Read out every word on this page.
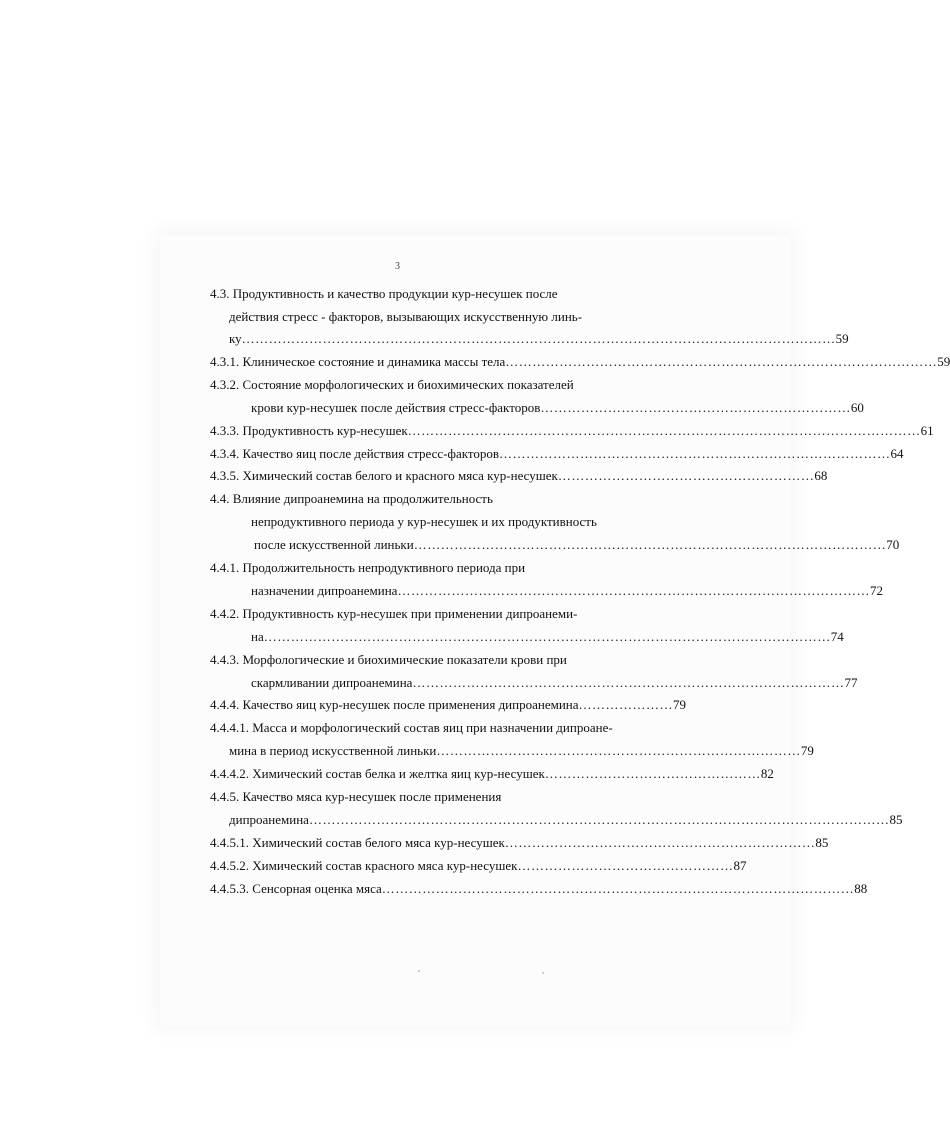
3
4.3. Продуктивность и качество продукции кур-несушек после
действия стресс - факторов, вызывающих искусственную линь-
ку …………………………………………………………………………………………………………………… 59
4.3.1. Клиническое состояние и динамика массы тела …………………………………………………………………………………… 59
4.3.2. Состояние морфологических и биохимических показателей
крови кур-несушек после действия стресс-факторов …………………………………………………………… 60
4.3.3. Продуктивность кур-несушек …………………………………………………………………………………………………… 61
4.3.4. Качество яиц после действия стресс-факторов …………………………………………………………………………… 64
4.3.5. Химический состав белого и красного мяса кур-несушек ………………………………………………… 68
4.4. Влияние дипроанемина на продолжительность
непродуктивного периода у кур-несушек и их продуктивность
после искусственной линьки …………………………………………………………………………………………… 70
4.4.1. Продолжительность непродуктивного периода при
назначении дипроанемина …………………………………………………………………………………………… 72
4.4.2. Продуктивность кур-несушек при применении дипроанеми-
на ……………………………………………………………………………………………………………… 74
4.4.3. Морфологические и биохимические показатели крови при
скармливании дипроанемина …………………………………………………………………………………… 77
4.4.4. Качество яиц кур-несушек после применения дипроанемина ………………… 79
4.4.4.1. Масса и морфологический состав яиц при назначении дипроане-
мина в период искусственной линьки ……………………………………………………………………… 79
4.4.4.2. Химический состав белка и желтка яиц кур-несушек ………………………………………… 82
4.4.5. Качество мяса кур-несушек после применения
дипроанемина ………………………………………………………………………………………………………………… 85
4.4.5.1. Химический состав белого мяса кур-несушек …………………………………………………………… 85
4.4.5.2. Химический состав красного мяса кур-несушек ………………………………………… 87
4.4.5.3. Сенсорная оценка мяса …………………………………………………………………………………………… 88
